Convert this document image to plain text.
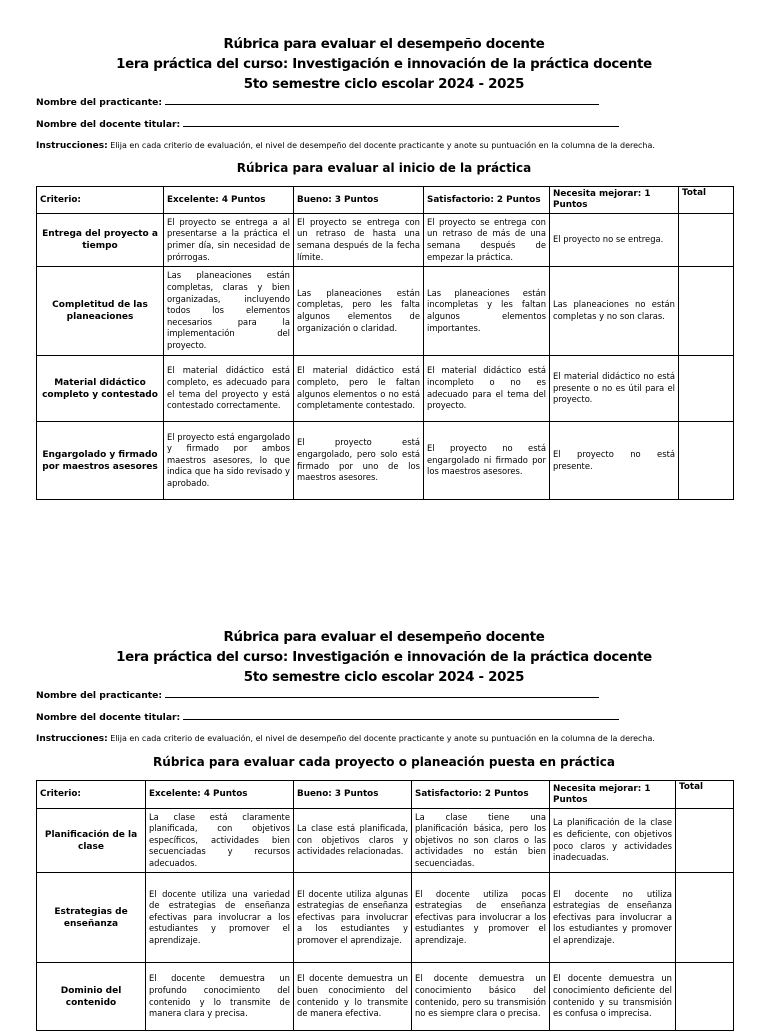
Rúbrica para evaluar el desempeño docente
1era práctica del curso: Investigación e innovación de la práctica docente
5to semestre ciclo escolar 2024 - 2025
Nombre del practicante:
Nombre del docente titular:
Instrucciones: Elija en cada criterio de evaluación, el nivel de desempeño del docente practicante y anote su puntuación en la columna de la derecha.
Rúbrica para evaluar al inicio de la práctica
Criterio:	Excelente: 4 Puntos	Bueno: 3 Puntos	Satisfactorio: 2 Puntos	Necesita mejorar: 1 Puntos	Total
Entrega del proyecto a tiempo	El proyecto se entrega a al presentarse a la práctica el primer día, sin necesidad de prórrogas.	El proyecto se entrega con un retraso de hasta una semana después de la fecha límite.	El proyecto se entrega con un retraso de más de una semana después de empezar la práctica.	El proyecto no se entrega.	
Completitud de las planeaciones	Las planeaciones están completas, claras y bien organizadas, incluyendo todos los elementos necesarios para la implementación del proyecto.	Las planeaciones están completas, pero les falta algunos elementos de organización o claridad.	Las planeaciones están incompletas y les faltan algunos elementos importantes.	Las planeaciones no están completas y no son claras.	
Material didáctico completo y contestado	El material didáctico está completo, es adecuado para el tema del proyecto y está contestado correctamente.	El material didáctico está completo, pero le faltan algunos elementos o no está completamente contestado.	El material didáctico está incompleto o no es adecuado para el tema del proyecto.	El material didáctico no está presente o no es útil para el proyecto.	
Engargolado y firmado por maestros asesores	El proyecto está engargolado y firmado por ambos maestros asesores, lo que indica que ha sido revisado y aprobado.	El proyecto está engargolado, pero solo está firmado por uno de los maestros asesores.	El proyecto no está engargolado ni firmado por los maestros asesores.	El proyecto no está presente.	
Rúbrica para evaluar el desempeño docente
1era práctica del curso: Investigación e innovación de la práctica docente
5to semestre ciclo escolar 2024 - 2025
Nombre del practicante:
Nombre del docente titular:
Instrucciones: Elija en cada criterio de evaluación, el nivel de desempeño del docente practicante y anote su puntuación en la columna de la derecha.
Rúbrica para evaluar cada proyecto o planeación puesta en práctica
Criterio:	Excelente: 4 Puntos	Bueno: 3 Puntos	Satisfactorio: 2 Puntos	Necesita mejorar: 1 Puntos	Total
Planificación de la clase	La clase está claramente planificada, con objetivos específicos, actividades bien secuenciadas y recursos adecuados.	La clase está planificada, con objetivos claros y actividades relacionadas.	La clase tiene una planificación básica, pero los objetivos no son claros o las actividades no están bien secuenciadas.	La planificación de la clase es deficiente, con objetivos poco claros y actividades inadecuadas.	
Estrategias de enseñanza	El docente utiliza una variedad de estrategias de enseñanza efectivas para involucrar a los estudiantes y promover el aprendizaje.	El docente utiliza algunas estrategias de enseñanza efectivas para involucrar a los estudiantes y promover el aprendizaje.	El docente utiliza pocas estrategias de enseñanza efectivas para involucrar a los estudiantes y promover el aprendizaje.	El docente no utiliza estrategias de enseñanza efectivas para involucrar a los estudiantes y promover el aprendizaje.	
Dominio del contenido	El docente demuestra un profundo conocimiento del contenido y lo transmite de manera clara y precisa.	El docente demuestra un buen conocimiento del contenido y lo transmite de manera efectiva.	El docente demuestra un conocimiento básico del contenido, pero su transmisión no es siempre clara o precisa.	El docente demuestra un conocimiento deficiente del contenido y su transmisión es confusa o imprecisa.	
